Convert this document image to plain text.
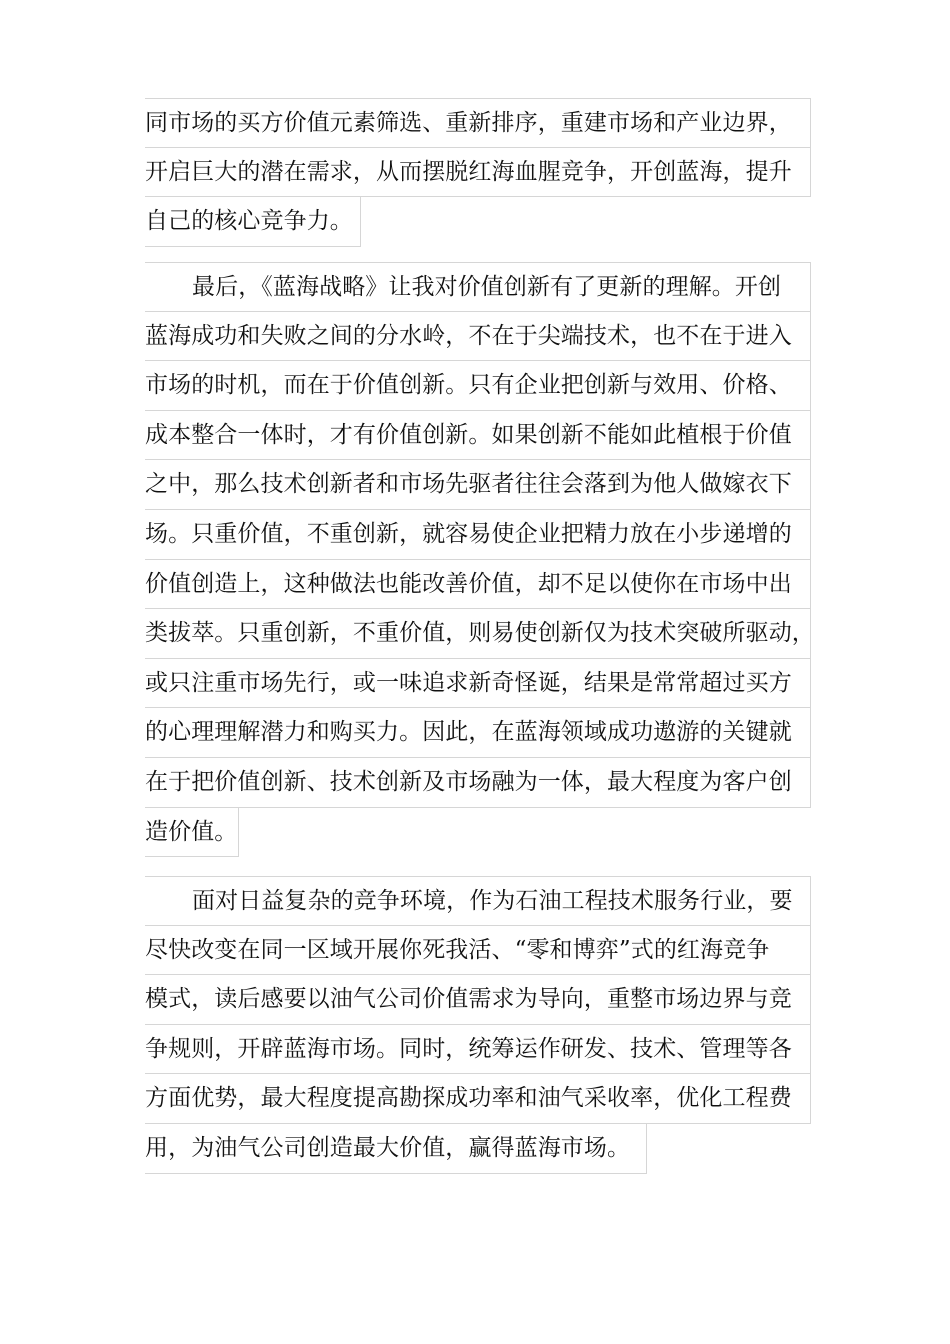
同市场的买方价值元素筛选、重新排序，重建市场和产业边界，
开启巨大的潜在需求，从而摆脱红海血腥竞争，开创蓝海，提升
自己的核心竞争力。
最后，《蓝海战略》让我对价值创新有了更新的理解。开创
蓝海成功和失败之间的分水岭，不在于尖端技术，也不在于进入
市场的时机，而在于价值创新。只有企业把创新与效用、价格、
成本整合一体时，才有价值创新。如果创新不能如此植根于价值
之中，那么技术创新者和市场先驱者往往会落到为他人做嫁衣下
场。只重价值，不重创新，就容易使企业把精力放在小步递增的
价值创造上，这种做法也能改善价值，却不足以使你在市场中出
类拔萃。只重创新，不重价值，则易使创新仅为技术突破所驱动，
或只注重市场先行，或一味追求新奇怪诞，结果是常常超过买方
的心理理解潜力和购买力。因此，在蓝海领域成功遨游的关键就
在于把价值创新、技术创新及市场融为一体，最大程度为客户创
造价值。
面对日益复杂的竞争环境，作为石油工程技术服务行业，要
尽快改变在同一区域开展你死我活、“零和博弈”式的红海竞争
模式，读后感要以油气公司价值需求为导向，重整市场边界与竞
争规则，开辟蓝海市场。同时，统筹运作研发、技术、管理等各
方面优势，最大程度提高勘探成功率和油气采收率，优化工程费
用，为油气公司创造最大价值，赢得蓝海市场。
